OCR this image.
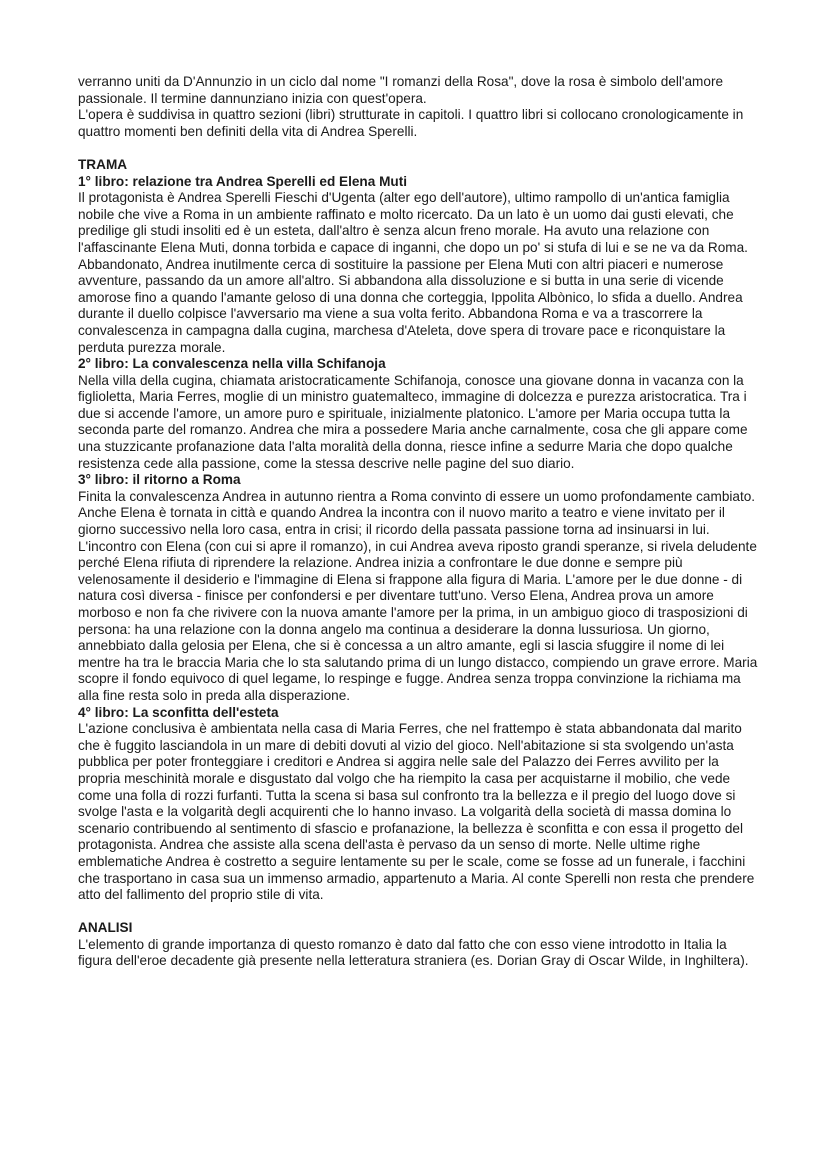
verranno uniti da D'Annunzio in un ciclo dal nome "I romanzi della Rosa", dove la rosa è simbolo dell'amore passionale. Il termine dannunziano inizia con quest'opera.

L'opera è suddivisa in quattro sezioni (libri) strutturate in capitoli. I quattro libri si collocano cronologicamente in quattro momenti ben definiti della vita di Andrea Sperelli.

TRAMA

1° libro: relazione tra Andrea Sperelli ed Elena Muti

Il protagonista è Andrea Sperelli Fieschi d'Ugenta (alter ego dell'autore), ultimo rampollo di un'antica famiglia nobile che vive a Roma in un ambiente raffinato e molto ricercato. Da un lato è un uomo dai gusti elevati, che predilige gli studi insoliti ed è un esteta, dall'altro è senza alcun freno morale. Ha avuto una relazione con l'affascinante Elena Muti, donna torbida e capace di inganni, che dopo un po' si stufa di lui e se ne va da Roma. Abbandonato, Andrea inutilmente cerca di sostituire la passione per Elena Muti con altri piaceri e numerose avventure, passando da un amore all'altro. Si abbandona alla dissoluzione e si butta in una serie di vicende amorose fino a quando l'amante geloso di una donna che corteggia, Ippolita Albònico, lo sfida a duello. Andrea durante il duello colpisce l'avversario ma viene a sua volta ferito. Abbandona Roma e va a trascorrere la convalescenza in campagna dalla cugina, marchesa d'Ateleta, dove spera di trovare pace e riconquistare la perduta purezza morale.

2° libro: La convalescenza nella villa Schifanoja

Nella villa della cugina, chiamata aristocraticamente Schifanoja, conosce una giovane donna in vacanza con la figlioletta, Maria Ferres, moglie di un ministro guatemalteco, immagine di dolcezza e purezza aristocratica. Tra i due si accende l'amore, un amore puro e spirituale, inizialmente platonico. L'amore per Maria occupa tutta la seconda parte del romanzo. Andrea che mira a possedere Maria anche carnalmente, cosa che gli appare come una stuzzicante profanazione data l'alta moralità della donna, riesce infine a sedurre Maria che dopo qualche resistenza cede alla passione, come la stessa descrive nelle pagine del suo diario.

3° libro: il ritorno a Roma

Finita la convalescenza Andrea in autunno rientra a Roma convinto di essere un uomo profondamente cambiato. Anche Elena è tornata in città e quando Andrea la incontra con il nuovo marito a teatro e viene invitato per il giorno successivo nella loro casa, entra in crisi; il ricordo della passata passione torna ad insinuarsi in lui. L'incontro con Elena (con cui si apre il romanzo), in cui Andrea aveva riposto grandi speranze, si rivela deludente perché Elena rifiuta di riprendere la relazione. Andrea inizia a confrontare le due donne e sempre più velenosamente il desiderio e l'immagine di Elena si frappone alla figura di Maria. L'amore per le due donne - di natura così diversa - finisce per confondersi e per diventare tutt'uno. Verso Elena, Andrea prova un amore morboso e non fa che rivivere con la nuova amante l'amore per la prima, in un ambiguo gioco di trasposizioni di persona: ha una relazione con la donna angelo ma continua a desiderare la donna lussuriosa. Un giorno, annebbiato dalla gelosia per Elena, che si è concessa a un altro amante, egli si lascia sfuggire il nome di lei mentre ha tra le braccia Maria che lo sta salutando prima di un lungo distacco, compiendo un grave errore. Maria scopre il fondo equivoco di quel legame, lo respinge e fugge. Andrea senza troppa convinzione la richiama ma alla fine resta solo in preda alla disperazione.

4° libro: La sconfitta dell'esteta

L'azione conclusiva è ambientata nella casa di Maria Ferres, che nel frattempo è stata abbandonata dal marito che è fuggito lasciandola in un mare di debiti dovuti al vizio del gioco. Nell'abitazione si sta svolgendo un'asta pubblica per poter fronteggiare i creditori e Andrea si aggira nelle sale del Palazzo dei Ferres avvilito per la propria meschinità morale e disgustato dal volgo che ha riempito la casa per acquistarne il mobilio, che vede come una folla di rozzi furfanti. Tutta la scena si basa sul confronto tra la bellezza e il pregio del luogo dove si svolge l'asta e la volgarità degli acquirenti che lo hanno invaso. La volgarità della società di massa domina lo scenario contribuendo al sentimento di sfascio e profanazione, la bellezza è sconfitta e con essa il progetto del protagonista. Andrea che assiste alla scena dell'asta è pervaso da un senso di morte. Nelle ultime righe emblematiche Andrea è costretto a seguire lentamente su per le scale, come se fosse ad un funerale, i facchini che trasportano in casa sua un immenso armadio, appartenuto a Maria. Al conte Sperelli non resta che prendere atto del fallimento del proprio stile di vita.

ANALISI

L'elemento di grande importanza di questo romanzo è dato dal fatto che con esso viene introdotto in Italia la figura dell'eroe decadente già presente nella letteratura straniera (es. Dorian Gray di Oscar Wilde, in Inghiltera).
